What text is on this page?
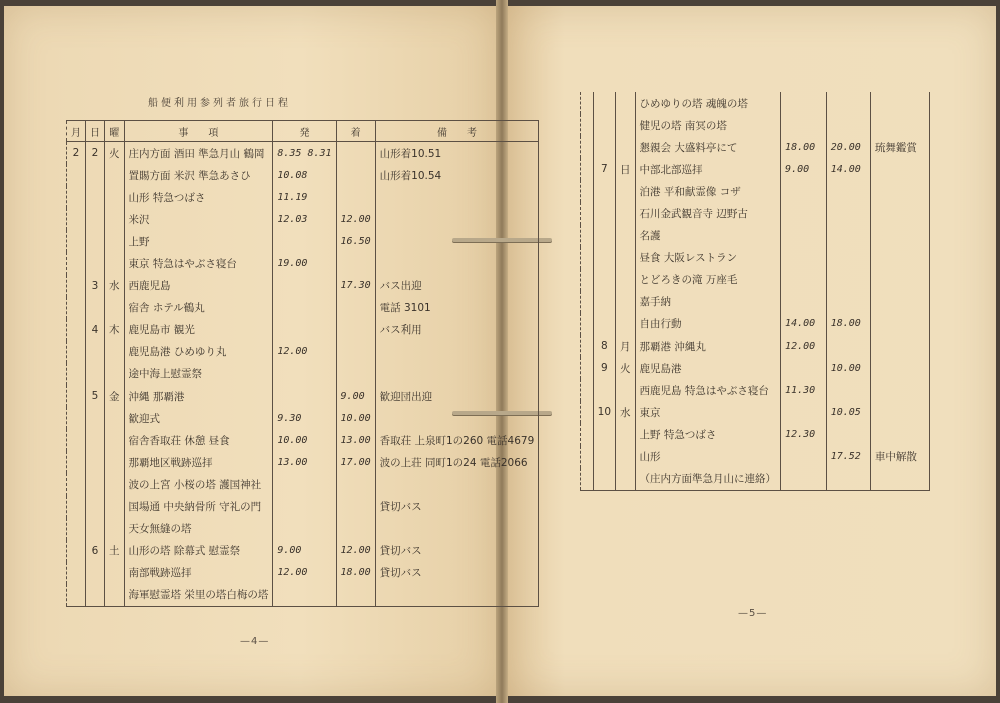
船便利用参列者旅行日程
月	日	曜	事　　項	発	着	備　　考
2	2	火	庄内方面 酒田 準急月山 鶴岡	8.35 8.31		山形着10.51
			置賜方面 米沢 準急あさひ	10.08		山形着10.54
			山形 特急つばさ	11.19		
			米沢	12.03	12.00	
			上野		16.50	
			東京 特急はやぶさ寝台	19.00		
	3	水	西鹿児島		17.30	バス出迎
			宿舎 ホテル鶴丸			電話 3101
	4	木	鹿児島市 観光			バス利用
			鹿児島港 ひめゆり丸	12.00		
			途中海上慰霊祭			
	5	金	沖縄 那覇港		9.00	歓迎団出迎
			歓迎式	9.30	10.00	
			宿舎香取荘 休憩 昼食	10.00	13.00	香取荘 上泉町1の260 電話4679
			那覇地区戦跡巡拝	13.00	17.00	波の上荘 同町1の24 電話2066
			波の上宮 小桜の塔 護国神社			
			国場通 中央納骨所 守礼の門			貸切バス
			天女無縫の塔			
	6	土	山形の塔 除幕式 慰霊祭	9.00	12.00	貸切バス
			南部戦跡巡拝	12.00	18.00	貸切バス
			海軍慰霊塔 栄里の塔白梅の塔			
			ひめゆりの塔 魂魄の塔			
			健児の塔 南冥の塔			
			懇親会 大盛料亭にて	18.00	20.00	琉舞鑑賞
	7	日	中部北部巡拝	9.00	14.00	
			泊港 平和献霊像 コザ			
			石川金武観音寺 辺野古			
			名護			
			昼食 大阪レストラン			
			とどろきの滝 万座毛			
			嘉手納			
			自由行動	14.00	18.00	
	8	月	那覇港 沖縄丸	12.00		
	9	火	鹿児島港		10.00	
			西鹿児島 特急はやぶさ寝台	11.30		
	10	水	東京		10.05	
			上野 特急つばさ	12.30		
			山形		17.52	車中解散
			（庄内方面準急月山に連絡）			
—4—
—5—
